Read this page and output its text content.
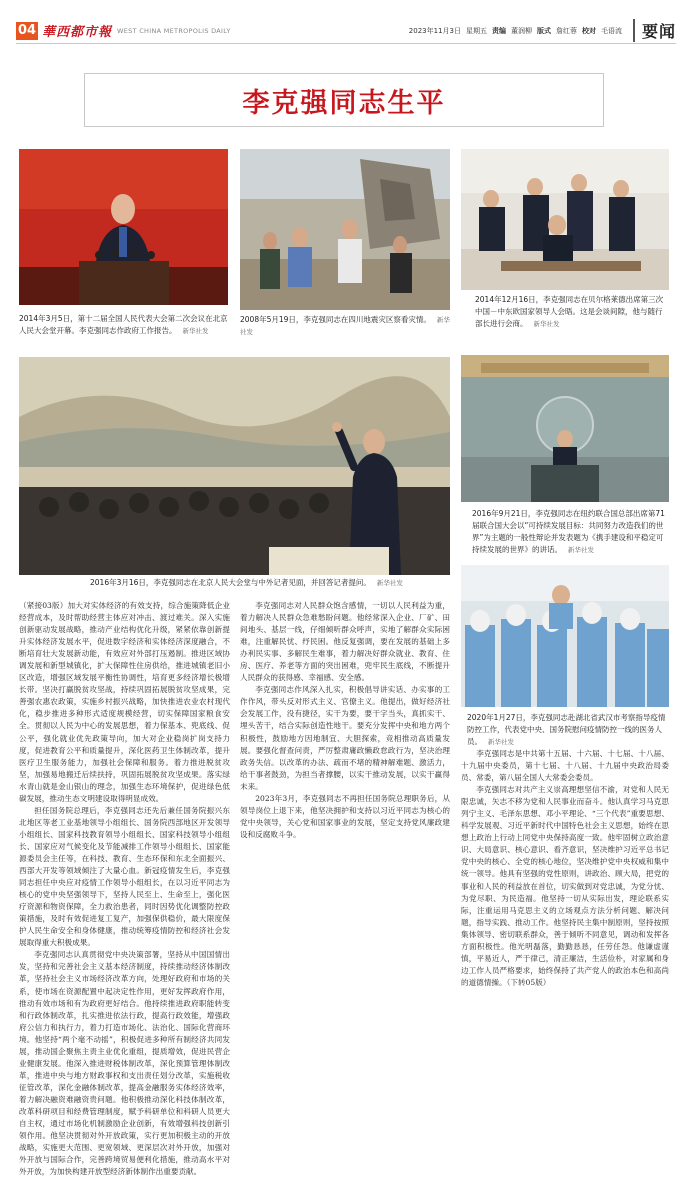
04 華西都市報 WEST CHINA METROPOLIS DAILY	2023年11月3日 星期五 责编 董润柳 版式 詹红蓉 校对 毛语流	要闻
李克强同志生平
2014年3月5日，第十二届全国人民代表大会第二次会议在北京人民大会堂开幕。李克强同志作政府工作报告。 新华社发
2008年5月19日，李克强同志在四川地震灾区察看灾情。 新华社发
2014年12月16日，李克强同志在贝尔格莱德出席第三次中国－中东欧国家领导人会晤。这是会谈间隙，他与随行部长进行会商。 新华社发
2016年9月21日，李克强同志在纽约联合国总部出席第71届联合国大会以“可持续发展目标：共同努力改造我们的世界”为主题的一般性辩论并发表题为《携手建设和平稳定可持续发展的世界》的讲话。 新华社发
2016年3月16日，李克强同志在北京人民大会堂与中外记者见面，并回答记者提问。 新华社发
2020年1月27日，李克强同志赴湖北省武汉市考察指导疫情防控工作，代表党中央、国务院慰问疫情防控一线的医务人员。 新华社发

（紧接03版）加大对实体经济的有效支持，综合施策降低企业经营成本，及时帮助经营主体应对冲击、渡过难关。深入实施创新驱动发展战略，推动产业结构优化升级，紧紧依靠创新提升实体经济发展水平，促进数字经济和实体经济深度融合，不断培育壮大发展新动能，有效应对外部打压遏制。推进区域协调发展和新型城镇化，扩大保障性住房供给，推进城镇老旧小区改造，增强区域发展平衡性协调性，培育更多经济增长极增长带。坚决打赢脱贫攻坚战，持续巩固拓展脱贫攻坚成果，完善强农惠农政策，实施乡村振兴战略，加快推进农业农村现代化，稳步推进多种形式适度规模经营，切实保障国家粮食安全。贯彻以人民为中心的发展思想，着力保基本、兜底线、促公平，强化就业优先政策导向，加大对企业稳岗扩岗支持力度，促进教育公平和质量提升，深化医药卫生体制改革，提升医疗卫生服务能力，加强社会保障和服务。着力推进脱贫攻坚，加强易地搬迁后续扶持，巩固拓展脱贫攻坚成果。落实绿水青山就是金山银山的理念，加强生态环境保护，促进绿色低碳发展，推动生态文明建设取得明显成效。

担任国务院总理后，李克强同志还先后兼任国务院振兴东北地区等老工业基地领导小组组长、国务院西部地区开发领导小组组长、国家科技教育领导小组组长、国家科技领导小组组长、国家应对气候变化及节能减排工作领导小组组长、国家能源委员会主任等，在科技、教育、生态环保和东北全面振兴、西部大开发等领域倾注了大量心血。新冠疫情发生后，李克强同志担任中央应对疫情工作领导小组组长，在以习近平同志为核心的党中央坚强领导下，坚持人民至上、生命至上，强化医疗资源和物资保障，全力救治患者，同时因势优化调整防控政策措施，及时有效促进复工复产，加强保供稳价，最大限度保护人民生命安全和身体健康，推动统筹疫情防控和经济社会发展取得重大积极成果。

李克强同志认真贯彻党中央决策部署，坚持从中国国情出发，坚持和完善社会主义基本经济制度，持续推动经济体制改革，坚持社会主义市场经济改革方向，处理好政府和市场的关系，使市场在资源配置中起决定性作用，更好发挥政府作用，推动有效市场和有为政府更好结合。他持续推进政府职能转变和行政体制改革，扎实推进依法行政，提高行政效能，增强政府公信力和执行力，着力打造市场化、法治化、国际化营商环境。他坚持“两个毫不动摇”，积极促进多种所有制经济共同发展，推动国企聚焦主责主业优化重组，提质增效，促进民营企业健康发展。他深入推进财税体制改革，深化预算管理体制改革，推进中央与地方财政事权和支出责任划分改革，实施税收征管改革，深化金融体制改革，提高金融服务实体经济效率，着力解决融资难融资贵问题。他积极推动深化科技体制改革，改革科研项目和经费管理制度，赋予科研单位和科研人员更大自主权，通过市场化机制激励企业创新，有效增强科技创新引领作用。他坚决贯彻对外开放政策，实行更加积极主动的开放战略，实施更大范围、更宽领域、更深层次对外开放，加强对外开放与国际合作，完善跨境贸易便利化措施，推动高水平对外开放，为加快构建开放型经济新体制作出重要贡献。

李克强同志对人民群众饱含感情，一切以人民利益为重，着力解决人民群众急难愁盼问题。他经常深入企业、厂矿、田间地头、基层一线，仔细倾听群众呼声，实地了解群众实际困难，注重解民忧、纾民困。他反复强调，要在发展的基础上多办利民实事、多解民生难事，着力解决好群众就业、教育、住房、医疗、养老等方面的突出困难，兜牢民生底线，不断提升人民群众的获得感、幸福感、安全感。

李克强同志作风深入扎实，积极倡导讲实话、办实事的工作作风，带头反对形式主义、官僚主义。他提出，做好经济社会发展工作，没有捷径，实干为要，要干字当头，真抓实干、埋头苦干，结合实际创造性地干。要充分发挥中央和地方两个积极性，鼓励地方因地制宜、大胆探索，竞相推动高质量发展。要强化督查问责，严厉整肃庸政懒政怠政行为，坚决治理政务失信。以改革的办法、疏而不堵的精神解难题、激活力，给干事者鼓劲，为担当者撑腰，以实干推动发展，以实干赢得未来。

2023年3月，李克强同志不再担任国务院总理职务后，从领导岗位上退下来，他坚决拥护和支持以习近平同志为核心的党中央领导，关心党和国家事业的发展，坚定支持党风廉政建设和反腐败斗争。

李克强同志是中共第十五届、十六届、十七届、十八届、十九届中央委员，第十七届、十八届、十九届中央政治局委员、常委，第八届全国人大常委会委员。

李克强同志对共产主义崇高理想坚信不渝，对党和人民无限忠诚，矢志不移为党和人民事业而奋斗。他认真学习马克思列宁主义、毛泽东思想、邓小平理论、“三个代表”重要思想、科学发展观、习近平新时代中国特色社会主义思想，始终在思想上政治上行动上同党中央保持高度一致。他牢固树立政治意识、大局意识、核心意识、看齐意识，坚决维护习近平总书记党中央的核心、全党的核心地位，坚决维护党中央权威和集中统一领导。他具有坚强的党性原则，讲政治、顾大局，把党的事业和人民的利益放在首位，切实做到对党忠诚，为党分忧、为党尽职、为民造福。他坚持一切从实际出发，理论联系实际，注重运用马克思主义的立场观点方法分析问题、解决问题，指导实践、推动工作。他坚持民主集中制原则，坚持按照集体领导、密切联系群众，善于倾听不同意见，调动和发挥各方面积极性。他光明磊落，勤勤恳恳，任劳任怨。他谦虚谨慎，平易近人，严于律己，清正廉洁，生活俭朴，对家属和身边工作人员严格要求，始终保持了共产党人的政治本色和高尚的道德情操。（下转05版）
